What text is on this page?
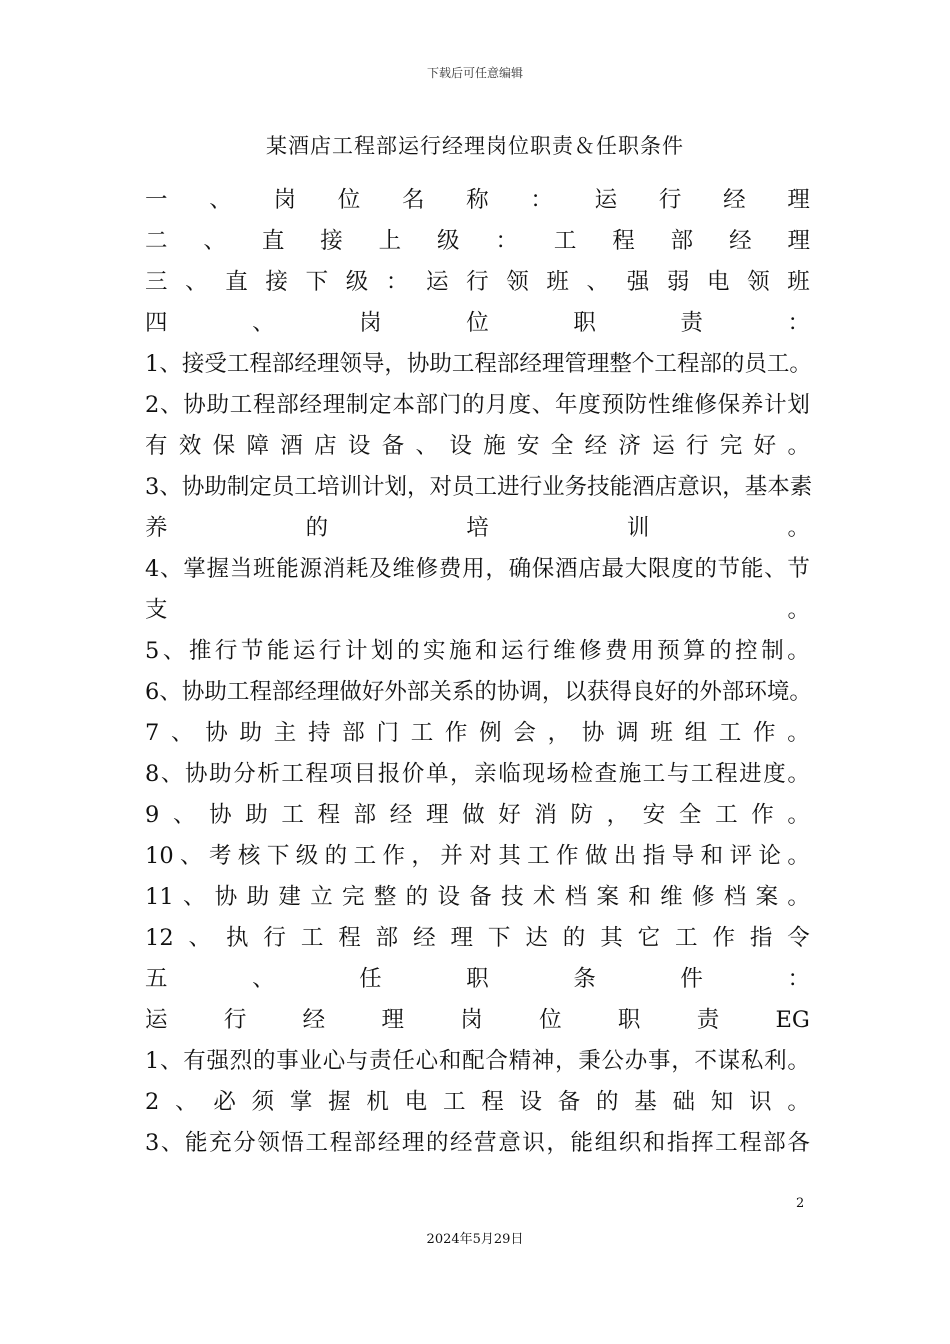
下载后可任意编辑
某酒店工程部运行经理岗位职责＆任职条件
一 、 岗 位 名 称 ： 运 行 经 理
二 、 直 接 上 级 ： 工 程 部 经 理
三 、 直 接 下 级 ： 运 行 领 班 、 强 弱 电 领 班
四	、	岗	位	职	责	：
1、接受工程部经理领导，协助工程部经理管理整个工程部的员工。
2 、 协 助 工 程 部 经 理 制 定 本 部 门 的 月 度 、 年 度 预 防 性 维 修 保 养 计 划
有 效 保 障 酒 店 设 备 、 设 施 安 全 经 济 运 行 完 好 。
3 、 协 助 制 定 员 工 培 训 计 划 ， 对 员 工 进 行 业 务 技 能 酒 店 意 识 ， 基 本 素
养	的	培	训	。
4 、 掌 握 当 班 能 源 消 耗 及 维 修 费 用 ， 确 保 酒 店 最 大 限 度 的 节 能 、 节
支	。
5 、 推 行 节 能 运 行 计 划 的 实 施 和 运 行 维 修 费 用 预 算 的 控 制 。
6、协助工程部经理做好外部关系的协调，以获得良好的外部环境。
7 、 协 助 主 持 部 门 工 作 例 会 ， 协 调 班 组 工 作 。
8 、 协 助 分 析 工 程 项 目 报 价 单 ， 亲 临 现 场 检 查 施 工 与 工 程 进 度 。
9 、 协 助 工 程 部 经 理 做 好 消 防 ， 安 全 工 作 。
10 、 考 核 下 级 的 工 作 ， 并 对 其 工 作 做 出 指 导 和 评 论 。
11 、 协 助 建 立 完 整 的 设 备 技 术 档 案 和 维 修 档 案 。
12 、 执 行 工 程 部 经 理 下 达 的 其 它 工 作 指 令
五	、	任	职	条	件	：
运	行	经	理	岗	位	职	责	EG
1 、 有 强 烈 的 事 业 心 与 责 任 心 和 配 合 精 神 ， 秉 公 办 事 ， 不 谋 私 利 。
2 、 必 须 掌 握 机 电 工 程 设 备 的 基 础 知 识 。
3 、 能 充 分 领 悟 工 程 部 经 理 的 经 营 意 识 ， 能 组 织 和 指 挥 工 程 部 各
2
2024年5月29日
